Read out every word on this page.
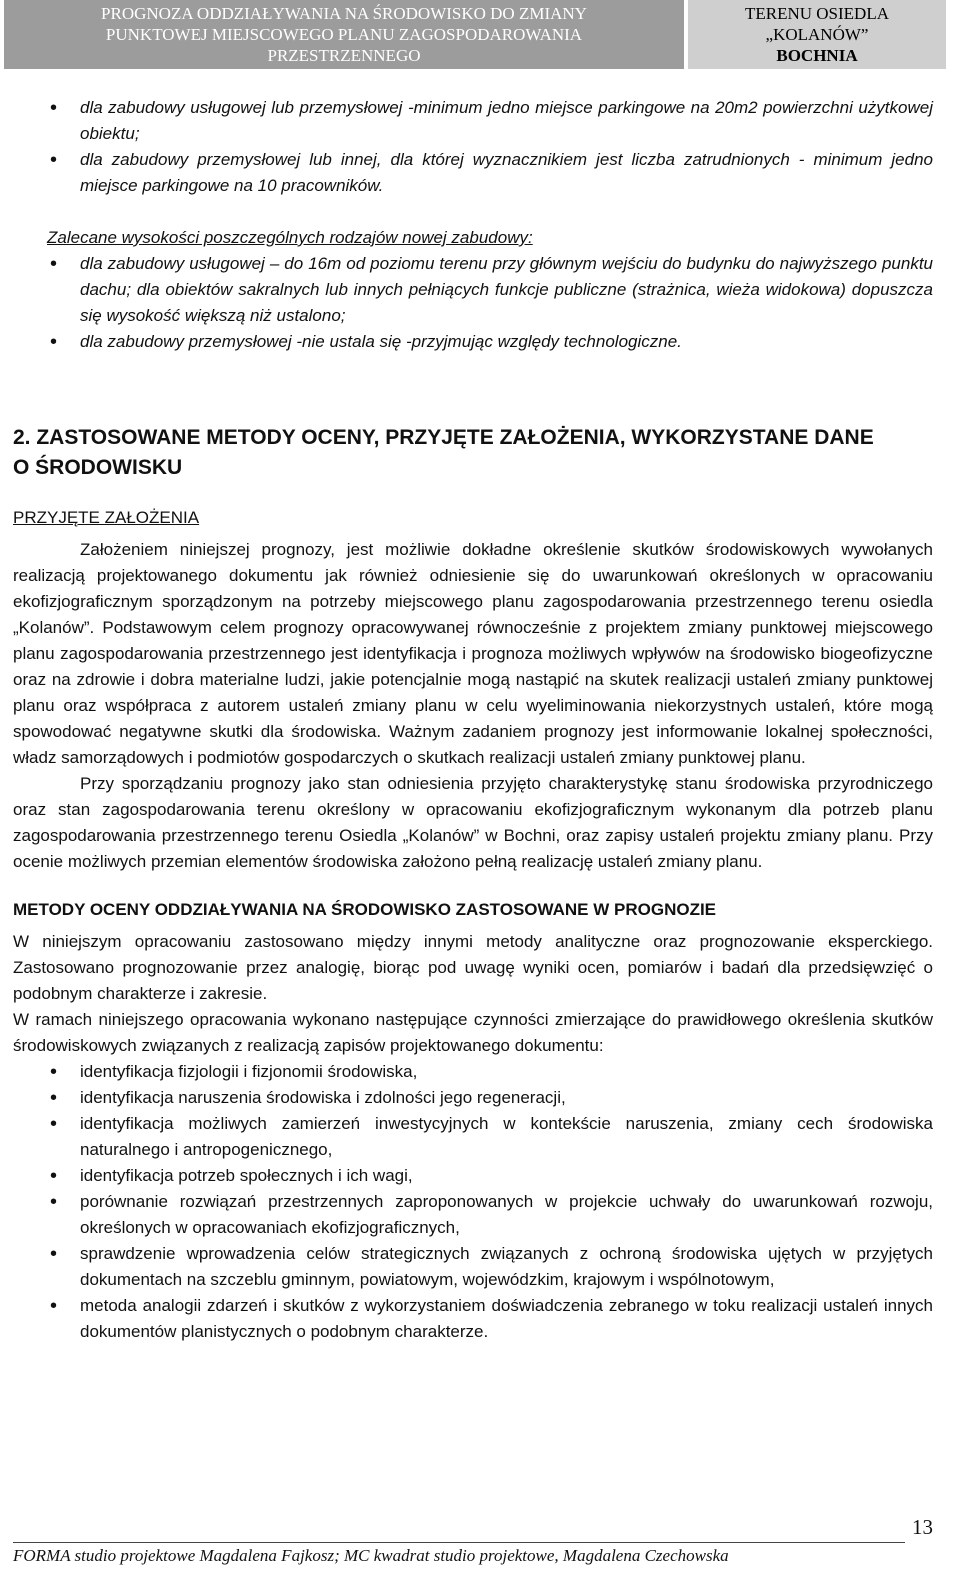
PROGNOZA ODDZIAŁYWANIA NA ŚRODOWISKO DO ZMIANY
PUNKTOWEJ MIEJSCOWEGO PLANU ZAGOSPODAROWANIA
PRZESTRZENNEGO
TERENU OSIEDLA
„KOLANÓW”
BOCHNIA
• dla zabudowy usługowej lub przemysłowej -minimum jedno miejsce parkingowe na 20m2 powierzchni użytkowej obiektu;
• dla zabudowy przemysłowej lub innej, dla której wyznacznikiem jest liczba zatrudnionych - minimum jedno miejsce parkingowe na 10 pracowników.
Zalecane wysokości poszczególnych rodzajów nowej zabudowy:
• dla zabudowy usługowej – do 16m od poziomu terenu przy głównym wejściu do budynku do najwyższego punktu dachu; dla obiektów sakralnych lub innych pełniących funkcje publiczne (strażnica, wieża widokowa) dopuszcza się wysokość większą niż ustalono;
• dla zabudowy przemysłowej -nie ustala się -przyjmując względy technologiczne.
2. ZASTOSOWANE METODY OCENY, PRZYJĘTE ZAŁOŻENIA, WYKORZYSTANE DANE
O ŚRODOWISKU
PRZYJĘTE ZAŁOŻENIA

Założeniem niniejszej prognozy, jest możliwie dokładne określenie skutków środowiskowych wywołanych realizacją projektowanego dokumentu jak również odniesienie się do uwarunkowań określonych w opracowaniu ekofizjograficznym sporządzonym na potrzeby miejscowego planu zagospodarowania przestrzennego terenu osiedla „Kolanów”. Podstawowym celem prognozy opracowywanej równocześnie z projektem zmiany punktowej miejscowego planu zagospodarowania przestrzennego jest identyfikacja i prognoza możliwych wpływów na środowisko biogeofizyczne oraz na zdrowie i dobra materialne ludzi, jakie potencjalnie mogą nastąpić na skutek realizacji ustaleń zmiany punktowej planu oraz współpraca z autorem ustaleń zmiany planu w celu wyeliminowania niekorzystnych ustaleń, które mogą spowodować negatywne skutki dla środowiska. Ważnym zadaniem prognozy jest informowanie lokalnej społeczności, władz samorządowych i podmiotów gospodarczych o skutkach realizacji ustaleń zmiany punktowej planu.

Przy sporządzaniu prognozy jako stan odniesienia przyjęto charakterystykę stanu środowiska przyrodniczego oraz stan zagospodarowania terenu określony w opracowaniu ekofizjograficznym wykonanym dla potrzeb planu zagospodarowania przestrzennego terenu Osiedla „Kolanów” w Bochni, oraz zapisy ustaleń projektu zmiany planu. Przy ocenie możliwych przemian elementów środowiska założono pełną realizację ustaleń zmiany planu.

METODY OCENY ODDZIAŁYWANIA NA ŚRODOWISKO ZASTOSOWANE W PROGNOZIE

W niniejszym opracowaniu zastosowano między innymi metody analityczne oraz prognozowanie eksperckiego. Zastosowano prognozowanie przez analogię, biorąc pod uwagę wyniki ocen, pomiarów i badań dla przedsięwzięć o podobnym charakterze i zakresie.

W ramach niniejszego opracowania wykonano następujące czynności zmierzające do prawidłowego określenia skutków środowiskowych związanych z realizacją zapisów projektowanego dokumentu:

• identyfikacja fizjologii i fizjonomii środowiska,
• identyfikacja naruszenia środowiska i zdolności jego regeneracji,
• identyfikacja możliwych zamierzeń inwestycyjnych w kontekście naruszenia, zmiany cech środowiska naturalnego i antropogenicznego,
• identyfikacja potrzeb społecznych i ich wagi,
• porównanie rozwiązań przestrzennych zaproponowanych w projekcie uchwały do uwarunkowań rozwoju, określonych w opracowaniach ekofizjograficznych,
• sprawdzenie wprowadzenia celów strategicznych związanych z ochroną środowiska ujętych w przyjętych dokumentach na szczeblu gminnym, powiatowym, wojewódzkim, krajowym i wspólnotowym,
• metoda analogii zdarzeń i skutków z wykorzystaniem doświadczenia zebranego w toku realizacji ustaleń innych dokumentów planistycznych o podobnym charakterze.
13
FORMA studio projektowe Magdalena Fajkosz; MC kwadrat studio projektowe, Magdalena Czechowska
